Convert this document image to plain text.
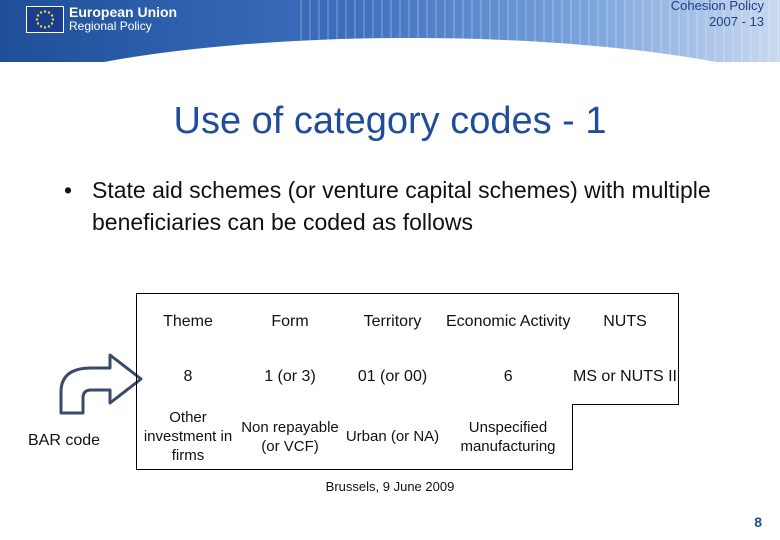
European Union
Regional Policy
Cohesion Policy
2007 - 13
Use of category codes - 1
• State aid schemes (or venture capital schemes) with multiple beneficiaries can be coded as follows
BAR code
Theme	Form	Territory	Economic Activity	NUTS
8	1 (or 3)	01 (or 00)	6	MS or NUTS II
Other investment in firms	Non repayable (or VCF)	Urban (or NA)	Unspecified manufacturing	
Brussels, 9 June 2009
8
